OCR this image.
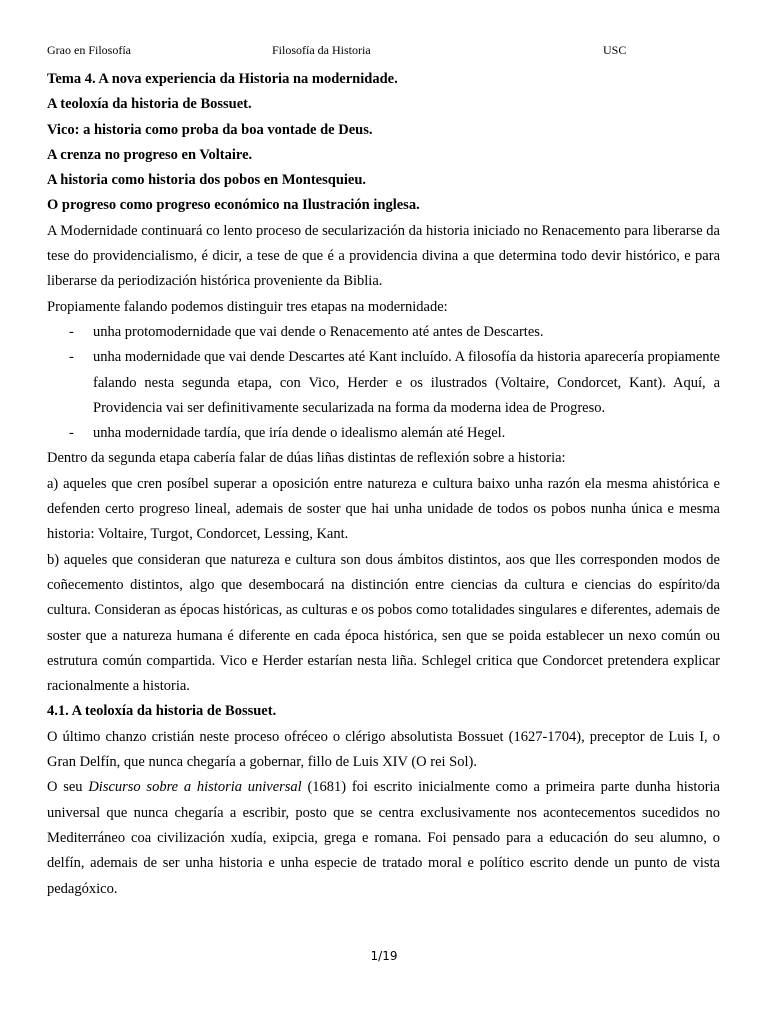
Grao en Filosofía	Filosofía da Historia	USC

Tema 4. A nova experiencia da Historia na modernidade.

A teoloxía da historia de Bossuet.

Vico: a historia como proba da boa vontade de Deus.

A crenza no progreso en Voltaire.

A historia como historia dos pobos en Montesquieu.

O progreso como progreso económico na Ilustración inglesa.

A Modernidade continuará co lento proceso de secularización da historia iniciado no Renacemento para liberarse da tese do providencialismo, é dicir, a tese de que é a providencia divina a que determina todo devir histórico, e para liberarse da periodización histórica proveniente da Biblia.

Propiamente falando podemos distinguir tres etapas na modernidade:

- unha protomodernidade que vai dende o Renacemento até antes de Descartes.
- unha modernidade que vai dende Descartes até Kant incluído. A filosofía da historia aparecería propiamente falando nesta segunda etapa, con Vico, Herder e os ilustrados (Voltaire, Condorcet, Kant). Aquí, a Providencia vai ser definitivamente secularizada na forma da moderna idea de Progreso.
- unha modernidade tardía, que iría dende o idealismo alemán até Hegel.

Dentro da segunda etapa cabería falar de dúas liñas distintas de reflexión sobre a historia:

a) aqueles que cren posíbel superar a oposición entre natureza e cultura baixo unha razón ela mesma ahistórica e defenden certo progreso lineal, ademais de soster que hai unha unidade de todos os pobos nunha única e mesma historia: Voltaire, Turgot, Condorcet, Lessing, Kant.

b) aqueles que consideran que natureza e cultura son dous ámbitos distintos, aos que lles corresponden modos de coñecemento distintos, algo que desembocará na distinción entre ciencias da cultura e ciencias do espírito/da cultura. Consideran as épocas históricas, as culturas e os pobos como totalidades singulares e diferentes, ademais de soster que a natureza humana é diferente en cada época histórica, sen que se poida establecer un nexo común ou estrutura común compartida. Vico e Herder estarían nesta liña. Schlegel critica que Condorcet pretendera explicar racionalmente a historia.

4.1. A teoloxía da historia de Bossuet.

O último chanzo cristián neste proceso ofréceo o clérigo absolutista Bossuet (1627-1704), preceptor de Luis I, o Gran Delfín, que nunca chegaría a gobernar, fillo de Luis XIV (O rei Sol).

O seu Discurso sobre a historia universal (1681) foi escrito inicialmente como a primeira parte dunha historia universal que nunca chegaría a escribir, posto que se centra exclusivamente nos acontecementos sucedidos no Mediterráneo coa civilización xudía, exipcia, grega e romana. Foi pensado para a educación do seu alumno, o delfín, ademais de ser unha historia e unha especie de tratado moral e político escrito dende un punto de vista pedagóxico.

1/19
